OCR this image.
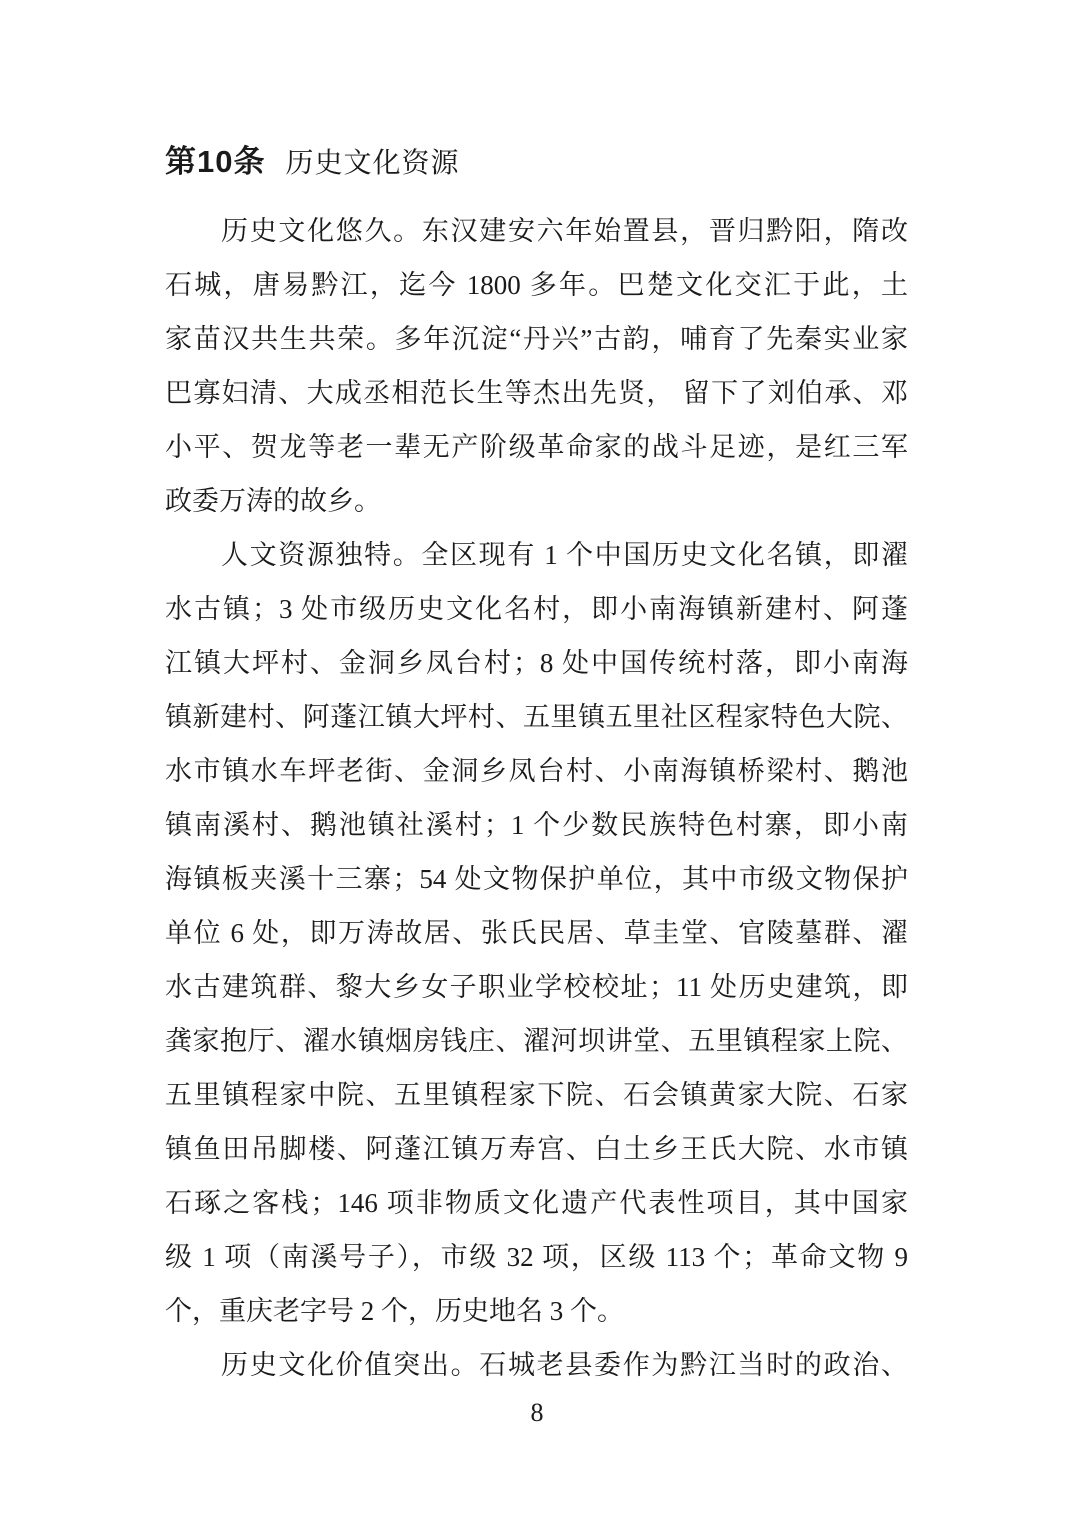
第10条 历史文化资源
历史文化悠久。东汉建安六年始置县，晋归黔阳，隋改
石城，唐易黔江，迄今 1800 多年。巴楚文化交汇于此，土
家苗汉共生共荣。多年沉淀“丹兴”古韵，哺育了先秦实业家
巴寡妇清、大成丞相范长生等杰出先贤， 留下了刘伯承、邓
小平、贺龙等老一辈无产阶级革命家的战斗足迹，是红三军
政委万涛的故乡。
人文资源独特。全区现有 1 个中国历史文化名镇，即濯
水古镇；3 处市级历史文化名村，即小南海镇新建村、阿蓬
江镇大坪村、金洞乡凤台村；8 处中国传统村落，即小南海
镇新建村、阿蓬江镇大坪村、五里镇五里社区程家特色大院、
水市镇水车坪老街、金洞乡凤台村、小南海镇桥梁村、鹅池
镇南溪村、鹅池镇社溪村；1 个少数民族特色村寨，即小南
海镇板夹溪十三寨；54 处文物保护单位，其中市级文物保护
单位 6 处，即万涛故居、张氏民居、草圭堂、官陵墓群、濯
水古建筑群、黎大乡女子职业学校校址；11 处历史建筑，即
龚家抱厅、濯水镇烟房钱庄、濯河坝讲堂、五里镇程家上院、
五里镇程家中院、五里镇程家下院、石会镇黄家大院、石家
镇鱼田吊脚楼、阿蓬江镇万寿宫、白土乡王氏大院、水市镇
石琢之客栈；146 项非物质文化遗产代表性项目，其中国家
级 1 项（南溪号子），市级 32 项，区级 113 个；革命文物 9
个，重庆老字号 2 个，历史地名 3 个。
历史文化价值突出。石城老县委作为黔江当时的政治、
8
